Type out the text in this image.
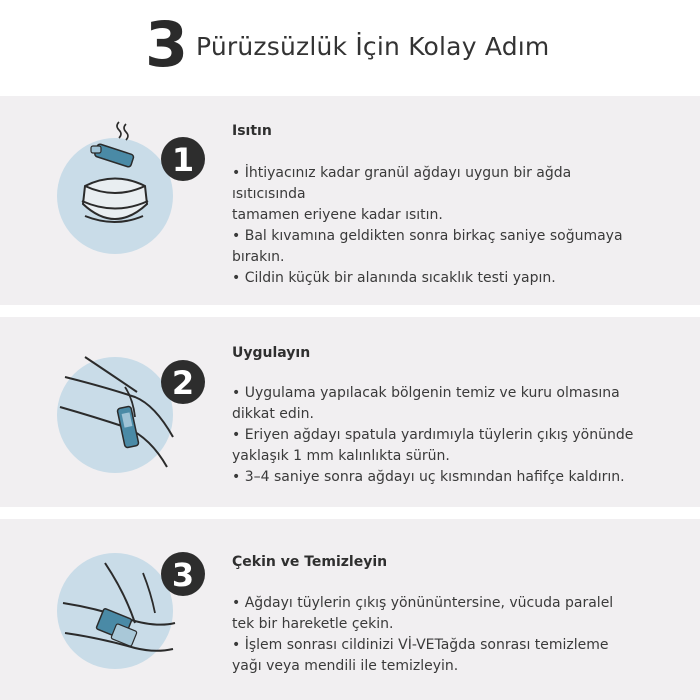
3 Pürüzsüzlük İçin Kolay Adım
1
Isıtın
• İhtiyacınız kadar granül ağdayı uygun bir ağda
ısıtıcısında
tamamen eriyene kadar ısıtın.
• Bal kıvamına geldikten sonra birkaç saniye soğumaya
bırakın.
• Cildin küçük bir alanında sıcaklık testi yapın.
2
Uygulayın
• Uygulama yapılacak bölgenin temiz ve kuru olmasına
dikkat edin.
• Eriyen ağdayı spatula yardımıyla tüylerin çıkış yönünde
yaklaşık 1 mm kalınlıkta sürün.
• 3–4 saniye sonra ağdayı uç kısmından hafifçe kaldırın.
3	Çekin ve Temizleyin
• Ağdayı tüylerin çıkış yönününtersine, vücuda paralel
tek bir hareketle çekin.
• İşlem sonrası cildinizi Vİ-VETağda sonrası temizleme
yağı veya mendili ile temizleyin.
